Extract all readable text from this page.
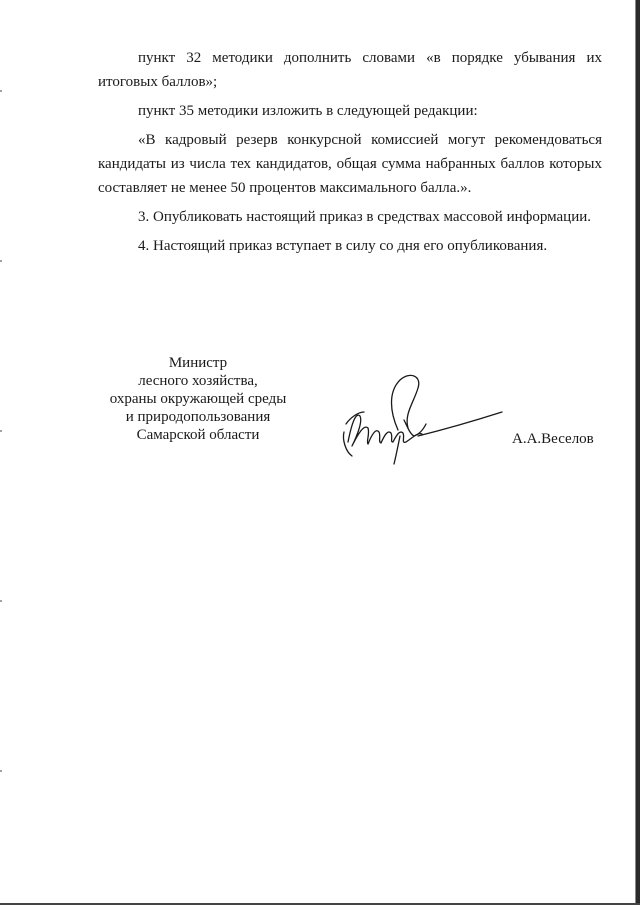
пункт 32 методики дополнить словами «в порядке убывания их итоговых баллов»;

пункт 35 методики изложить в следующей редакции:

«В кадровый резерв конкурсной комиссией могут рекомендоваться кандидаты из числа тех кандидатов, общая сумма набранных баллов которых составляет не менее 50 процентов максимального балла.».

3. Опубликовать настоящий приказ в средствах массовой информации.

4. Настоящий приказ вступает в силу со дня его опубликования.

Министр
лесного хозяйства,
охраны окружающей среды
и природопользования
Самарской области	А.А.Веселов
